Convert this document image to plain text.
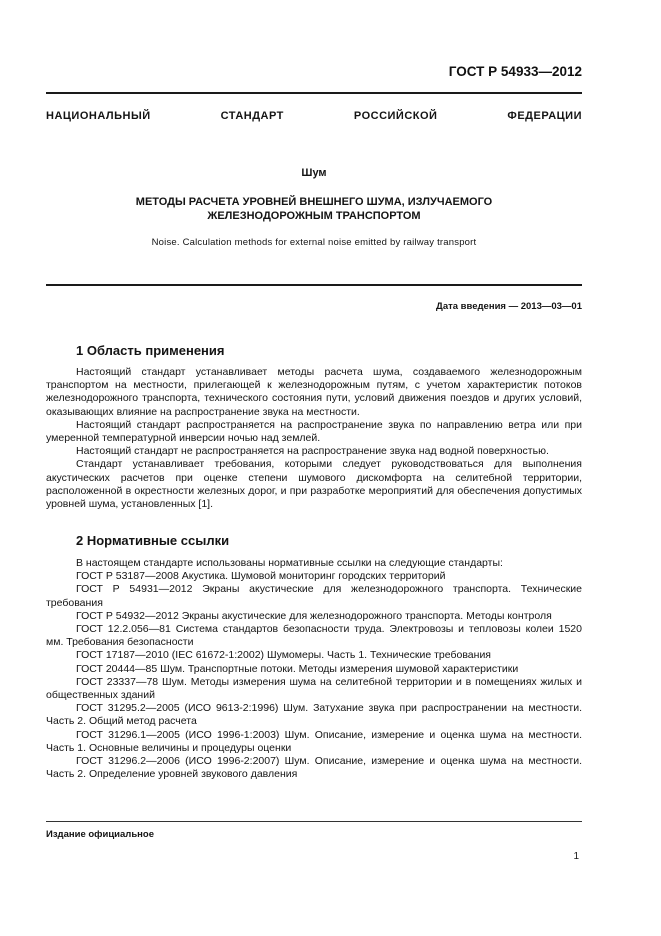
ГОСТ Р 54933—2012
НАЦИОНАЛЬНЫЙ СТАНДАРТ РОССИЙСКОЙ ФЕДЕРАЦИИ
Шум
МЕТОДЫ РАСЧЕТА УРОВНЕЙ ВНЕШНЕГО ШУМА, ИЗЛУЧАЕМОГО ЖЕЛЕЗНОДОРОЖНЫМ ТРАНСПОРТОМ
Noise. Calculation methods for external noise emitted by railway transport
Дата введения — 2013—03—01
1 Область применения

Настоящий стандарт устанавливает методы расчета шума, создаваемого железнодорожным транспортом на местности, прилегающей к железнодорожным путям, с учетом характеристик потоков железнодорожного транспорта, технического состояния пути, условий движения поездов и других условий, оказывающих влияние на распространение звука на местности.

Настоящий стандарт распространяется на распространение звука по направлению ветра или при умеренной температурной инверсии ночью над землей.

Настоящий стандарт не распространяется на распространение звука над водной поверхностью.

Стандарт устанавливает требования, которыми следует руководствоваться для выполнения акустических расчетов при оценке степени шумового дискомфорта на селитебной территории, расположенной в окрестности железных дорог, и при разработке мероприятий для обеспечения допустимых уровней шума, установленных [1].

2 Нормативные ссылки

В настоящем стандарте использованы нормативные ссылки на следующие стандарты:

ГОСТ Р 53187—2008 Акустика. Шумовой мониторинг городских территорий

ГОСТ Р 54931—2012 Экраны акустические для железнодорожного транспорта. Технические требования

ГОСТ Р 54932—2012 Экраны акустические для железнодорожного транспорта. Методы контроля

ГОСТ 12.2.056—81 Система стандартов безопасности труда. Электровозы и тепловозы колеи 1520 мм. Требования безопасности

ГОСТ 17187—2010 (IEC 61672-1:2002) Шумомеры. Часть 1. Технические требования

ГОСТ 20444—85 Шум. Транспортные потоки. Методы измерения шумовой характеристики

ГОСТ 23337—78 Шум. Методы измерения шума на селитебной территории и в помещениях жилых и общественных зданий

ГОСТ 31295.2—2005 (ИСО 9613-2:1996) Шум. Затухание звука при распространении на местности. Часть 2. Общий метод расчета

ГОСТ 31296.1—2005 (ИСО 1996-1:2003) Шум. Описание, измерение и оценка шума на местности. Часть 1. Основные величины и процедуры оценки

ГОСТ 31296.2—2006 (ИСО 1996-2:2007) Шум. Описание, измерение и оценка шума на местности. Часть 2. Определение уровней звукового давления

Издание официальное
1
